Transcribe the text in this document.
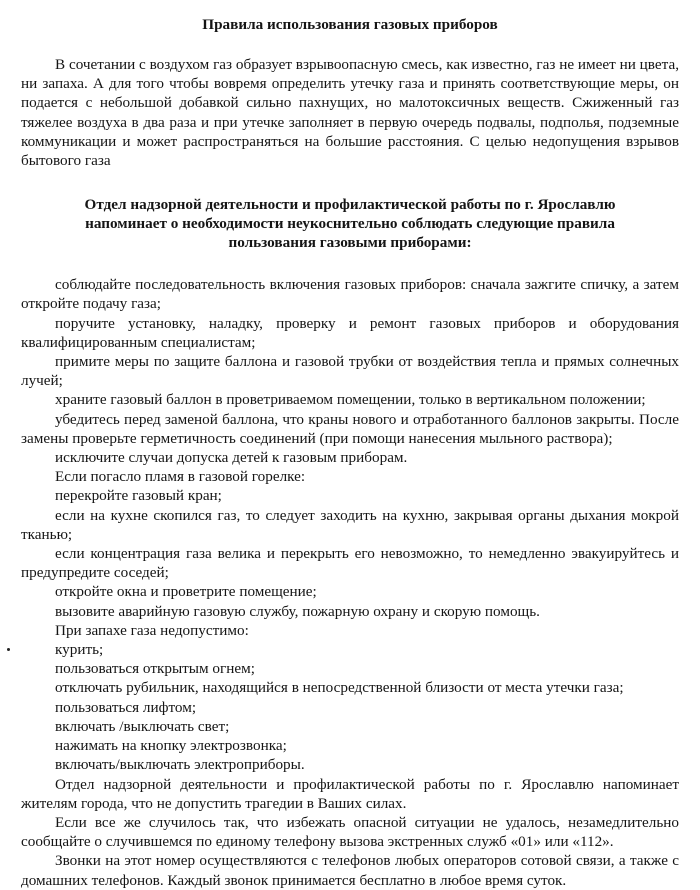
Правила использования газовых приборов

В сочетании с воздухом газ образует взрывоопасную смесь, как известно, газ не имеет ни цвета, ни запаха. А для того чтобы вовремя определить утечку газа и принять соответствующие меры, он подается с небольшой добавкой сильно пахнущих, но малотоксичных веществ. Сжиженный газ тяжелее воздуха в два раза и при утечке заполняет в первую очередь подвалы, подполья, подземные коммуникации и может распространяться на большие расстояния. С целью недопущения взрывов бытового газа

Отдел надзорной деятельности и профилактической работы по г. Ярославлю
напоминает о необходимости неукоснительно соблюдать следующие правила
пользования газовыми приборами:

соблюдайте последовательность включения газовых приборов: сначала зажгите спичку, а затем откройте подачу газа;

поручите установку, наладку, проверку и ремонт газовых приборов и оборудования квалифицированным специалистам;

примите меры по защите баллона и газовой трубки от воздействия тепла и прямых солнечных лучей;

храните газовый баллон в проветриваемом помещении, только в вертикальном положении;

убедитесь перед заменой баллона, что краны нового и отработанного баллонов закрыты. После замены проверьте герметичность соединений (при помощи нанесения мыльного раствора);

исключите случаи допуска детей к газовым приборам.

Если погасло пламя в газовой горелке:

перекройте газовый кран;

если на кухне скопился газ, то следует заходить на кухню, закрывая органы дыхания мокрой тканью;

если концентрация газа велика и перекрыть его невозможно, то немедленно эвакуируйтесь и предупредите соседей;

откройте окна и проветрите помещение;

вызовите аварийную газовую службу, пожарную охрану и скорую помощь.

При запахе газа недопустимо:

курить;

пользоваться открытым огнем;

отключать рубильник, находящийся в непосредственной близости от места утечки газа;

пользоваться лифтом;

включать /выключать свет;

нажимать на кнопку электрозвонка;

включать/выключать электроприборы.

Отдел надзорной деятельности и профилактической работы по г. Ярославлю напоминает жителям города, что не допустить трагедии в Ваших силах.

Если все же случилось так, что избежать опасной ситуации не удалось, незамедлительно сообщайте о случившемся по единому телефону вызова экстренных служб «01» или «112».

Звонки на этот номер осуществляются с телефонов любых операторов сотовой связи, а также с домашних телефонов. Каждый звонок принимается бесплатно в любое время суток.
